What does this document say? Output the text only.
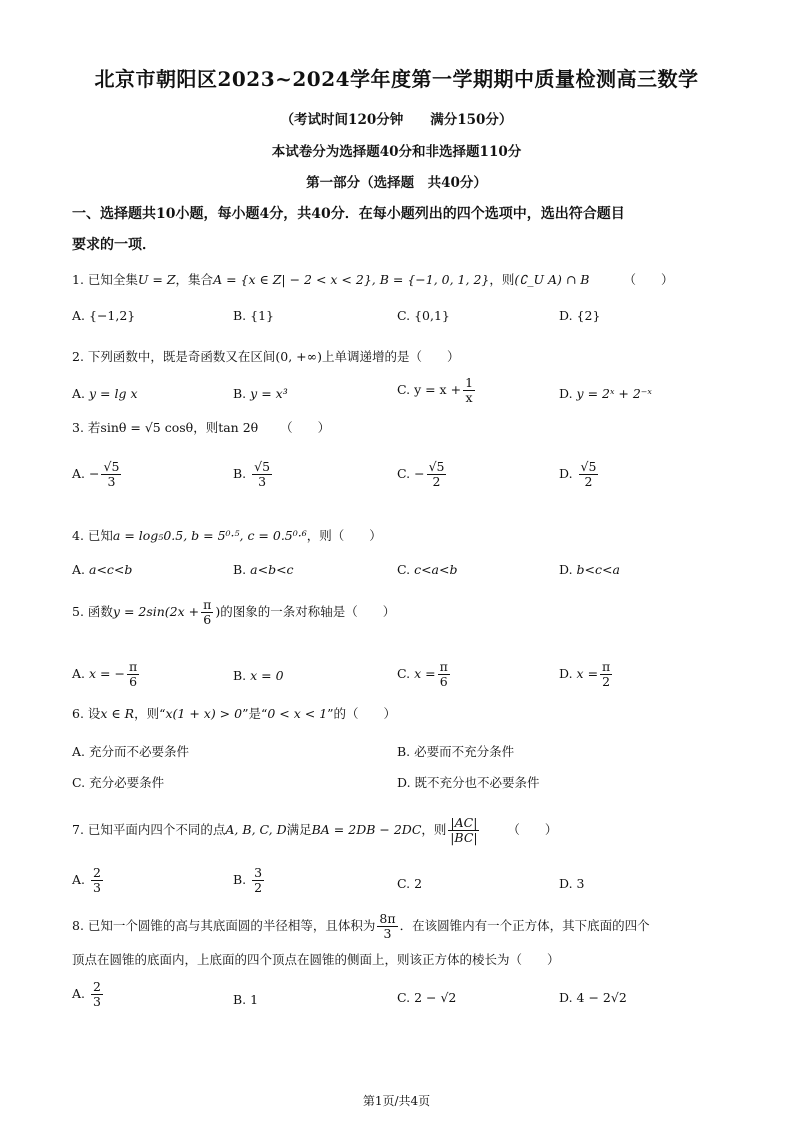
北京市朝阳区2023~2024学年度第一学期期中质量检测高三数学
（考试时间120分钟　　满分150分）
本试卷分为选择题40分和非选择题110分
第一部分（选择题　共40分）
一、选择题共10小题，每小题4分，共40分．在每小题列出的四个选项中，选出符合题目
要求的一项．
1. 已知全集U = Z，集合A = {x ∈ Z| − 2 < x < 2}, B = {−1, 0, 1, 2}，则(∁_U A) ∩ B	（　　）
A. {−1,2}	B. {1}	C. {0,1}	D. {2}
2. 下列函数中，既是奇函数又在区间(0, +∞)上单调递增的是（　　）
A. y = lg x	B. y = x³	C. $y = x + \frac{1}{x}$	D. y = 2ˣ + 2⁻ˣ
3. 若sinθ = √5 cosθ，则tan 2θ （　　）
A. − $\frac{√5}{3}$	B. $\frac{√5}{3}$	C. − $\frac{√5}{2}$	D. $\frac{√5}{2}$
4. 已知a = log₅0.5, b = 5⁰·⁵, c = 0.5⁰·⁶，则（　　）
A. a<c<b	B. a<b<c	C. c<a<b	D. b<c<a
5. 函数$y = 2\sin(2x + \frac{\pi}{6}$ )的图象的一条对称轴是（　　）
A. x = − $\frac{\pi}{6}$	B. x = 0	C. $x = \frac{\pi}{6}$	D. $x = \frac{\pi}{2}$
6. 设x ∈ R，则“x(1 + x) > 0”是“0 < x < 1”的（　　）
A. 充分而不必要条件	B. 必要而不充分条件
C. 充分必要条件	D. 既不充分也不必要条件
7. 已知平面内四个不同的点A, B, C, D满足BA = 2DB − 2DC，则 $\frac{|AC|}{|BC|}$ （　　）
A. $\frac{2}{3}$	B. $\frac{3}{2}$	C. 2	D. 3
8. 已知一个圆锥的高与其底面圆的半径相等，且体积为 $\frac{8\pi}{3}$ ．在该圆锥内有一个正方体，其下底面的四个
顶点在圆锥的底面内，上底面的四个顶点在圆锥的侧面上，则该正方体的棱长为（　　）
A. $\frac{2}{3}$	B. 1	C. 2 − √2	D. 4 − 2√2
第1页/共4页
